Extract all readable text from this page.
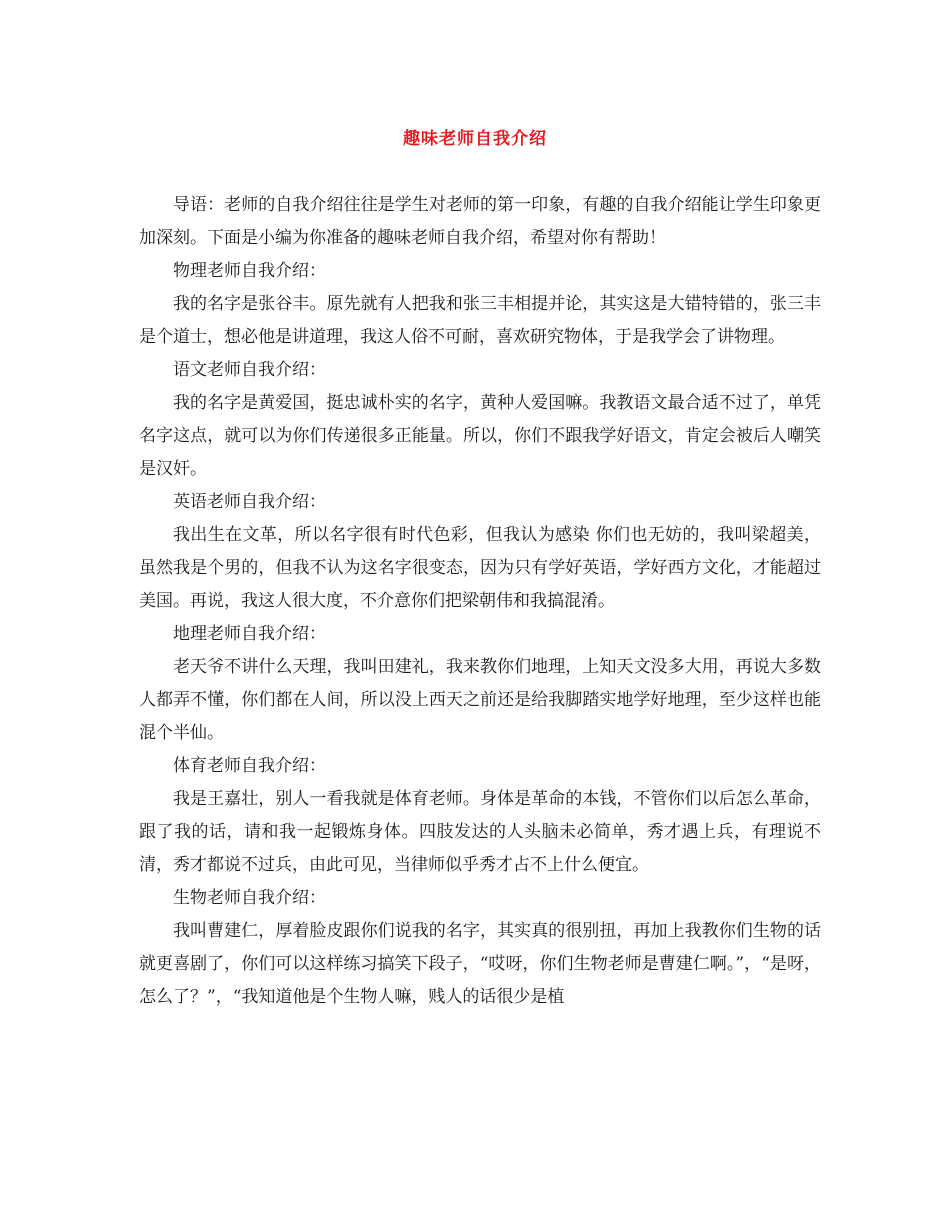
趣味老师自我介绍

导语：老师的自我介绍往往是学生对老师的第一印象，有趣的自我介绍能让学生印象更加深刻。下面是小编为你准备的趣味老师自我介绍，希望对你有帮助！

物理老师自我介绍：

我的名字是张谷丰。原先就有人把我和张三丰相提并论，其实这是大错特错的，张三丰是个道士，想必他是讲道理，我这人俗不可耐，喜欢研究物体，于是我学会了讲物理。

语文老师自我介绍：

我的名字是黄爱国，挺忠诚朴实的名字，黄种人爱国嘛。我教语文最合适不过了，单凭名字这点，就可以为你们传递很多正能量。所以，你们不跟我学好语文，肯定会被后人嘲笑是汉奸。

英语老师自我介绍：

我出生在文革，所以名字很有时代色彩，但我认为感染 你们也无妨的，我叫梁超美，虽然我是个男的，但我不认为这名字很变态，因为只有学好英语，学好西方文化，才能超过美国。再说，我这人很大度，不介意你们把梁朝伟和我搞混淆。

地理老师自我介绍：

老天爷不讲什么天理，我叫田建礼，我来教你们地理，上知天文没多大用，再说大多数人都弄不懂，你们都在人间，所以没上西天之前还是给我脚踏实地学好地理，至少这样也能混个半仙。

体育老师自我介绍：

我是王嘉壮，别人一看我就是体育老师。身体是革命的本钱，不管你们以后怎么革命，跟了我的话，请和我一起锻炼身体。四肢发达的人头脑未必简单，秀才遇上兵，有理说不清，秀才都说不过兵，由此可见，当律师似乎秀才占不上什么便宜。

生物老师自我介绍：

我叫曹建仁，厚着脸皮跟你们说我的名字，其实真的很别扭，再加上我教你们生物的话就更喜剧了，你们可以这样练习搞笑下段子，“哎呀，你们生物老师是曹建仁啊。”，“是呀，怎么了？”，“我知道他是个生物人嘛，贱人的话很少是植
